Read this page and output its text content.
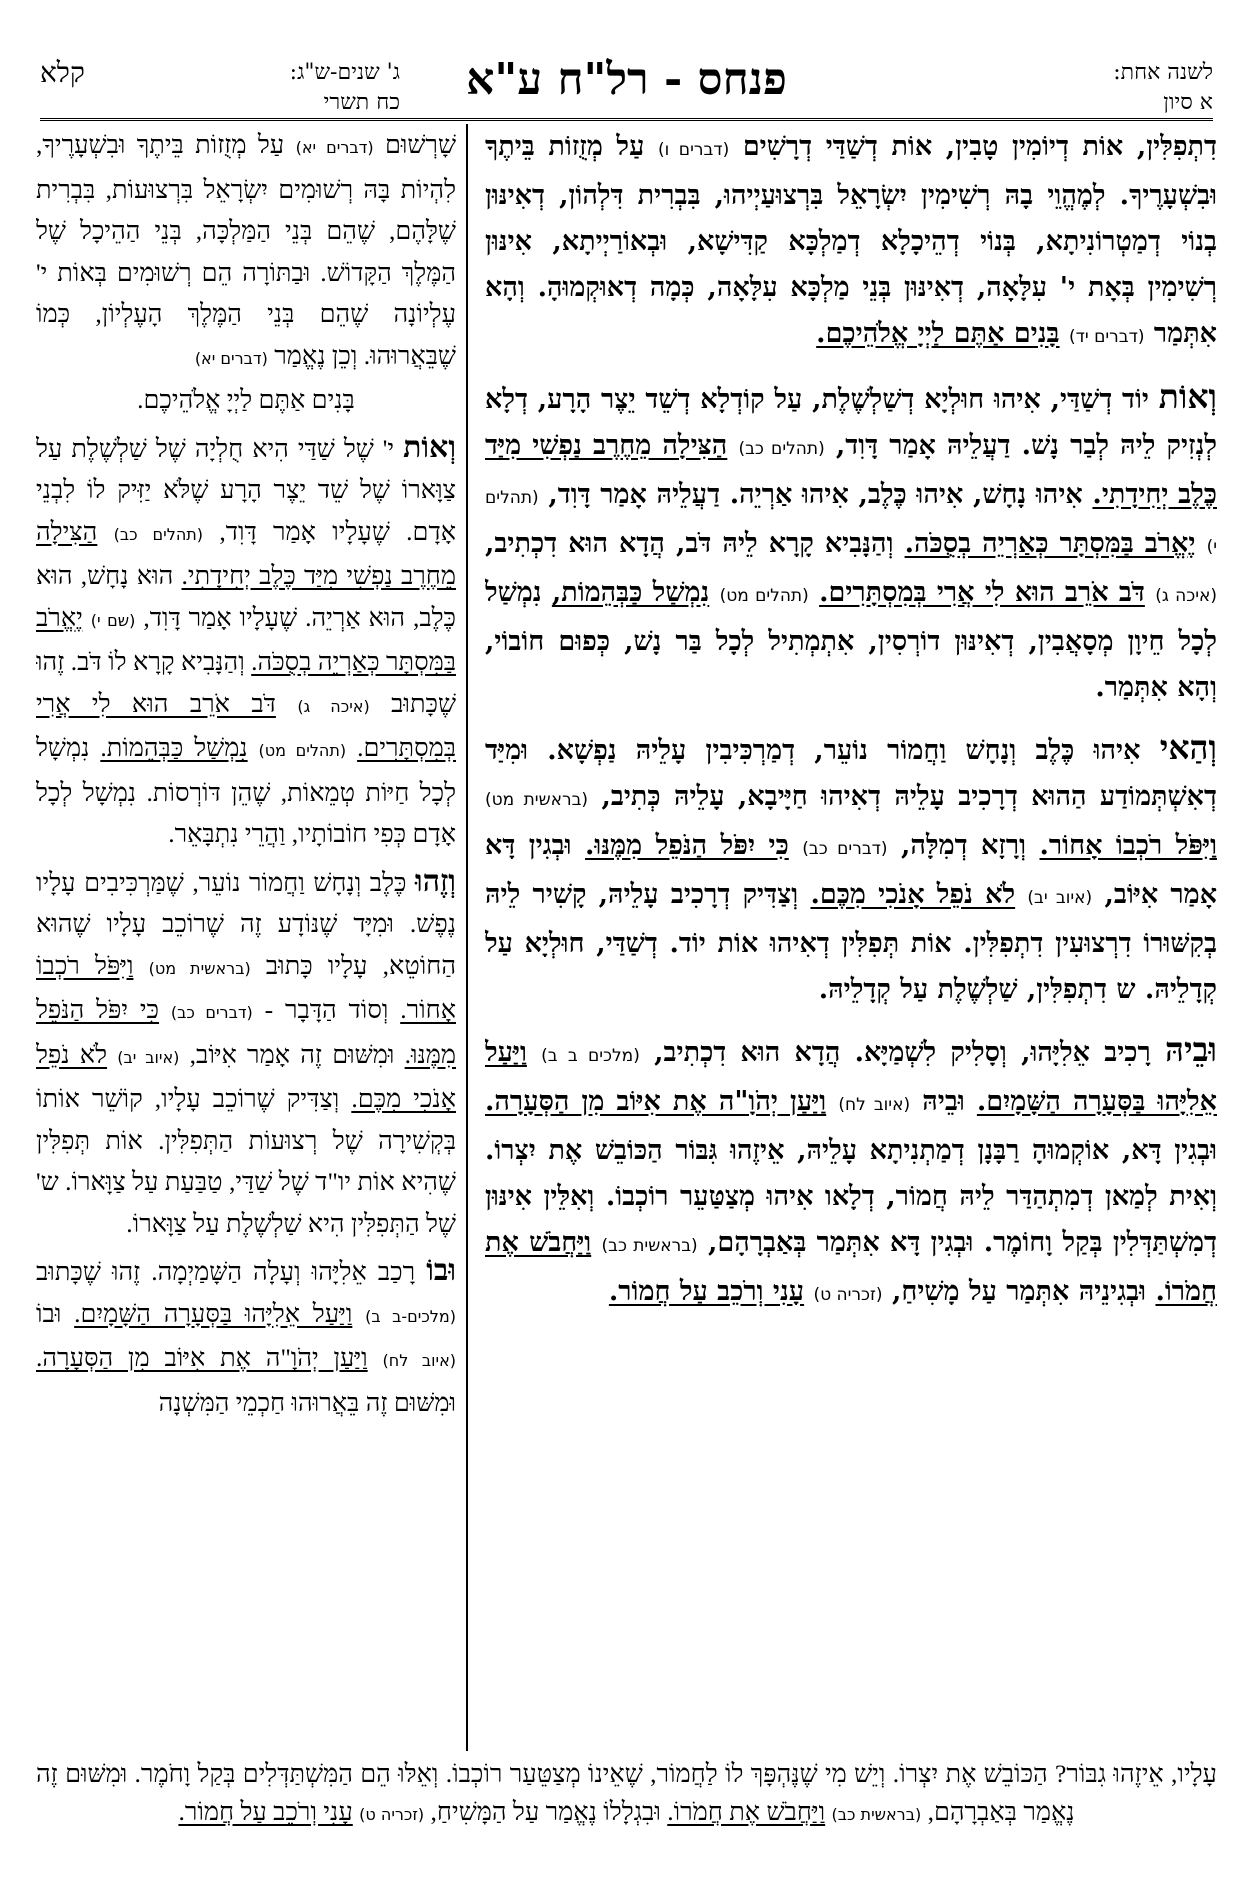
לשנה אחת:
א סיון
פנחס - רל"ח ע"א
ג' שנים-ש"ג:
כח תשרי
קלא

דִתְפִלִּין, אוֹת דְיוֹמִין טָבִין, אוֹת דְשַׁדַּי דְרָשִׁים (דברים ו) עַל מְזֻזוֹת בֵּיתֶךָ וּבִשְׁעָרֶיךָ. לְמֶהֱוֵי בָהּ רְשִׁימִין יִשְׂרָאֵל בִּרְצוּעַיְיהוּ, בִּבְרִית דִּלְהוֹן, דְאִינּוּן בְנוֹי דְמַטְרוֹנִיתָא, בְּנוֹי דְהֵיכָלָא דְמַלְכָּא קַדִּישָׁא, וּבְאוֹרַיְיתָא, אִינּוּן רְשִׁימִין בְּאָת י' עִלָּאָה, דְאִינּוּן בְּנֵי מַלְכָּא עִלָּאָה, כְּמָה דְאוּקְמוּהָ. וְהָא אִתְּמַר (דברים יד) בָּנִים אַתֶּם לַיְיָ אֱלֹהֵיכֶם.

וְאוֹת יוֹד דְשַׁדַּי, אִיהוּ חוּלְיָא דְשַׁלְשֶׁלֶת, עַל קוֹדְלָא דְשֵׁד יֵצֶר הָרָע, דְלָא לְנְזִיק לֵיהּ לְבַר נָשׁ. דַעֲלֵיהּ אָמַר דָּוִד, (תהלים כב) הַצִּילָה מֵחֶרֶב נַפְשִׁי מִיַּד כֶּלֶב יְחִידָתִי. אִיהוּ נָחָשׁ, אִיהוּ כֶּלֶב, אִיהוּ אַרְיֵה. דַעֲלֵיהּ אָמַר דָּוִד, (תהלים י) יֶאֱרֹב בַּמִּסְתָּר כְּאַרְיֵה בְסֻכֹּה. וְהַנָּבִיא קָרָא לֵיהּ דֹּב, הֲדָא הוּא דִכְתִיב, (איכה ג) דֹּב אֹרֵב הוּא לִי אֲרִי בְּמִסְתָּרִים. (תהלים מט) נִמְשַׁל כַּבְּהֵמוֹת, נִמְשַׁל לְכָל חֵיוָן מְסָאֲבִין, דְאִינּוּן דוֹרְסִין, אִתְמְתִיל לְכָל בַּר נָשׁ, כְּפוּם חוֹבוֹי, וְהָא אִתְּמַר.

וְהַאי אִיהוּ כֶּלֶב וְנָחָשׁ וַחֲמוֹר נוֹעֵר, דְמַרְכִּיבִין עָלֵיהּ נַפְשָׁא. וּמִיַּד דְאִשְׁתְּמוֹדַע הַהוּא דְרָכִיב עָלֵיהּ דְאִיהוּ חַיָּיבָא, עָלֵיהּ כְּתִיב, (בראשית מט) וַיִּפֹּל רֹכְבוֹ אָחוֹר. וְרָזָא דְמִלָּה, (דברים כב) כִּי יִפֹּל הַנֹּפֵל מִמֶּנּוּ. וּבְגִין דָּא אָמַר אִיּוֹב, (איוב יב) לֹא נֹפֵל אָנֹכִי מִכֶּם. וְצַדִּיק דְרָכִיב עָלֵיהּ, קָשִׁיר לֵיהּ בְקִשּׁוּרוֹ דִרְצוּעִין דִתְפִלִּין. אוֹת תְּפִלִּין דְאִיהוּ אוֹת יוֹד. דְשַׁדַּי, חוּלְיָא עַל קְדָלֵיהּ. ש דִתְפִלִּין, שַׁלְשֶׁלֶת עַל קְדָלֵיהּ.

וּבֵיהּ רָכִיב אֵלִיָּהוּ, וְסָלִיק לִשְׁמַיָּא. הֲדָא הוּא דִכְתִיב, (מלכים ב ב) וַיַּעַל אֵלִיָּהוּ בַּסְּעָרָה הַשָּׁמָיִם. וּבֵיהּ (איוב לח) וַיַּעַן יְהֹוָ"ה אֶת אִיּוֹב מִן הַסְּעָרָה. וּבְגִין דָּא, אוֹקְמוּהָ רַבָּנָן דְמַתְנִיתָא עָלֵיהּ, אֵיזֶהוּ גִּבּוֹר הַכּוֹבֵשׁ אֶת יִצְרוֹ. וְאִית לְמַאן דְמִתְהַדַּר לֵיהּ חֲמוֹר, דְלָאו אִיהוּ מְצַטַּעֵר רוֹכְבוֹ. וְאִלֵּין אִינּוּן דְמִשְׁתַּדְּלִין בְּקַל וָחוֹמֶר. וּבְגִין דָּא אִתְּמַר בְּאַבְרָהָם, (בראשית כב) וַיַּחֲבֹשׁ אֶת חֲמֹרוֹ. וּבְגִינֵיהּ אִתְּמַר עַל מָשִׁיחַ, (זכריה ט) עָנִי וְרֹכֵב עַל חֲמוֹר.

שָׁרְשׁוּם (דברים יא) עַל מְזֻזוֹת בֵּיתֶךָ וּבִשְׁעָרֶיךָ, לִהְיוֹת בָּהּ רְשׁוּמִים יִשְׂרָאֵל בִּרְצוּעוֹת, בִּבְרִית שֶׁלָּהֶם, שֶׁהֵם בְּנֵי הַמַּלְכָּה, בְּנֵי הַהֵיכָל שֶׁל הַמֶּלֶךְ הַקָּדוֹשׁ. וּבַתּוֹרָה הֵם רְשׁוּמִים בְּאוֹת י' עֶלְיוֹנָה שֶׁהֵם בְּנֵי הַמֶּלֶךְ הָעֶלְיוֹן, כְּמוֹ שֶׁבֵּאֲרוּהוּ. וְכֵן נֶאֱמַר (דברים יא)
בָּנִים אַתֶּם לַיְיָ אֱלֹהֵיכֶם.

וְאוֹת י' שֶׁל שַׁדַּי הִיא חֻלְיָה שֶׁל שַׁלְשֶׁלֶת עַל צַוָּארוֹ שֶׁל שֵׁד יֵצֶר הָרָע שֶׁלֹּא יַזִּיק לוֹ לִבְנֵי אָדָם. שֶׁעָלָיו אָמַר דָּוִד, (תהלים כב) הַצִּילָה מֵחֶרֶב נַפְשִׁי מִיַּד כֶּלֶב יְחִידָתִי. הוּא נָחָשׁ, הוּא כֶּלֶב, הוּא אַרְיֵה. שֶׁעָלָיו אָמַר דָּוִד, (שם י) יֶאֱרֹב בַּמִּסְתָּר כְּאַרְיֵה בְסֻכֹּה. וְהַנָּבִיא קָרָא לוֹ דֹּב. זֶהוּ שֶׁכָּתוּב (איכה ג) דֹּב אֹרֵב הוּא לִי אֲרִי בְּמִסְתָּרִים. (תהלים מט) נִמְשַׁל כַּבְּהֵמוֹת. נִמְשָׁל לְכָל חַיּוֹת טְמֵאוֹת, שֶׁהֵן דּוֹרְסוֹת. נִמְשָׁל לְכָל אָדָם כְּפִי חוֹבוֹתָיו, וַהֲרֵי נִתְבָּאֵר.

וְזֶהוּ כֶּלֶב וְנָחָשׁ וַחֲמוֹר נוֹעֵר, שֶׁמַּרְכִּיבִים עָלָיו נֶפֶשׁ. וּמִיָּד שֶׁנּוֹדָע זֶה שֶׁרוֹכֵב עָלָיו שֶׁהוּא הַחוֹטֵא, עָלָיו כָּתוּב (בראשית מט) וַיִּפֹּל רֹכְבוֹ אָחוֹר. וְסוֹד הַדָּבָר - (דברים כב) כִּי יִפֹּל הַנֹּפֵל מִמֶּנּוּ. וּמִשּׁוּם זֶה אָמַר אִיּוֹב, (איוב יב) לֹא נֹפֵל אָנֹכִי מִכֶּם. וְצַדִּיק שֶׁרוֹכֵב עָלָיו, קוֹשֵׁר אוֹתוֹ בְּקְשִׁירָה שֶׁל רְצוּעוֹת הַתְּפִלִּין. אוֹת תְּפִלִּין שֶׁהִיא אוֹת יו"ד שֶׁל שַׁדַּי, טַבַּעַת עַל צַוָּארוֹ. ש' שֶׁל הַתְּפִלִּין הִיא שַׁלְשֶׁלֶת עַל צַוָּארוֹ.

וּבוֹ רָכַב אֵלִיָּהוּ וְעָלָה הַשָּׁמַיְמָה. זֶהוּ שֶׁכָּתוּב (מלכים-ב ב) וַיַּעַל אֵלִיָּהוּ בַּסְּעָרָה הַשָּׁמָיִם. וּבוֹ (איוב לח) וַיַּעַן יְהֹוָ"ה אֶת אִיּוֹב מִן הַסְּעָרָה. וּמִשּׁוּם זֶה בֵּאֲרוּהוּ חַכְמֵי הַמִּשְׁנָה

עָלָיו, אֵיזֶהוּ גִבּוֹר? הַכּוֹבֵשׁ אֶת יִצְרוֹ. וְיֵשׁ מִי שֶׁנֶּהְפָּךְ לוֹ לַחֲמוֹר, שֶׁאֵינוֹ מְצַטֵּעַר רוֹכְבוֹ. וְאֵלּוּ הֵם הַמִּשְׁתַּדְּלִים בְּקַל וָחֹמֶר. וּמִשּׁוּם זֶה נֶאֱמַר בְּאַבְרָהָם, (בראשית כב) וַיַּחֲבֹשׁ אֶת חֲמֹרוֹ. וּבִגְלָלוֹ נֶאֱמַר עַל הַמָּשִׁיחַ, (זכריה ט) עָנִי וְרֹכֵב עַל חֲמוֹר.
